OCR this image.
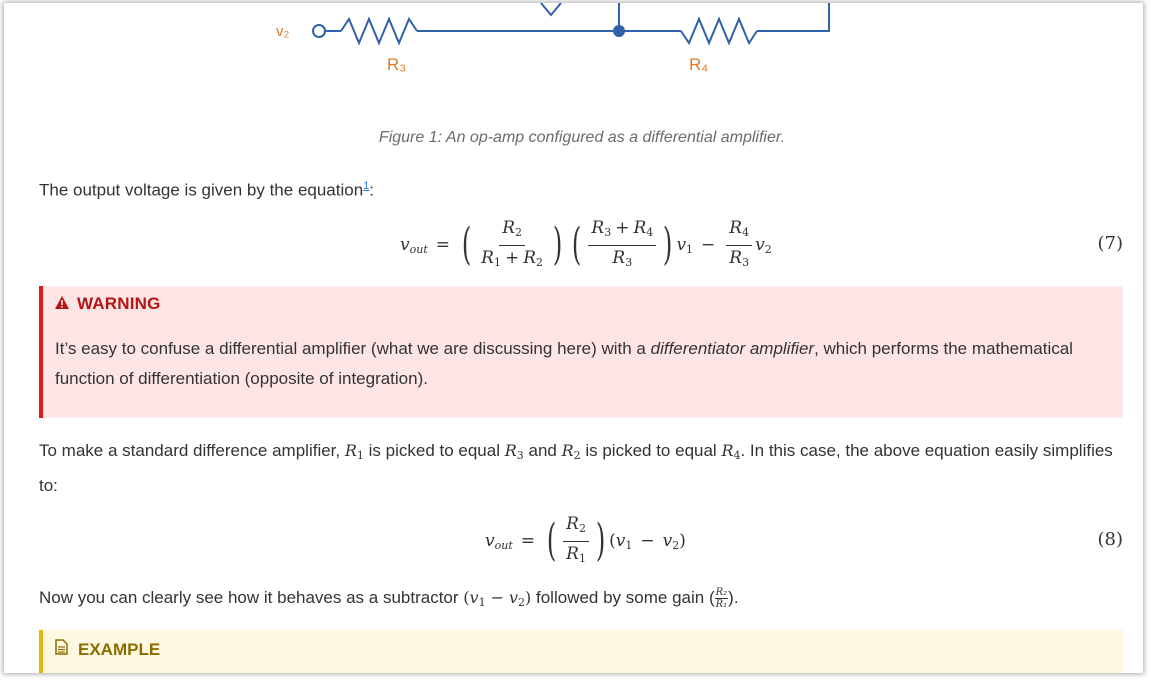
v₂
R₃	R₄
Figure 1: An op-amp configured as a differential amplifier.

The output voltage is given by the equation$^1$:

$v_{out}$ = ( $\frac{R_2}{R_1 + R_2}$ ) ( $\frac{R_3 + R_4}{R_3}$ ) $v_1 - \frac{R_4}{R_3} v_2$	(7)
WARNING
It’s easy to confuse a differential amplifier (what we are discussing here) with a differentiator amplifier, which performs the mathematical function of differentiation (opposite of integration).

To make a standard difference amplifier, $R_1$ is picked to equal $R_3$ and $R_2$ is picked to equal $R_4$. In this case, the above equation easily simplifies to:

$v_{out}$ = ( $\frac{R_2}{R_1}$ ) ( $v_1 - v_2$ )	(8)

Now you can clearly see how it behaves as a subtractor $(v_1 - v_2)$ followed by some gain ( $\frac{\text{R₂}}{\text{R₁}}$ ).

EXAMPLE
